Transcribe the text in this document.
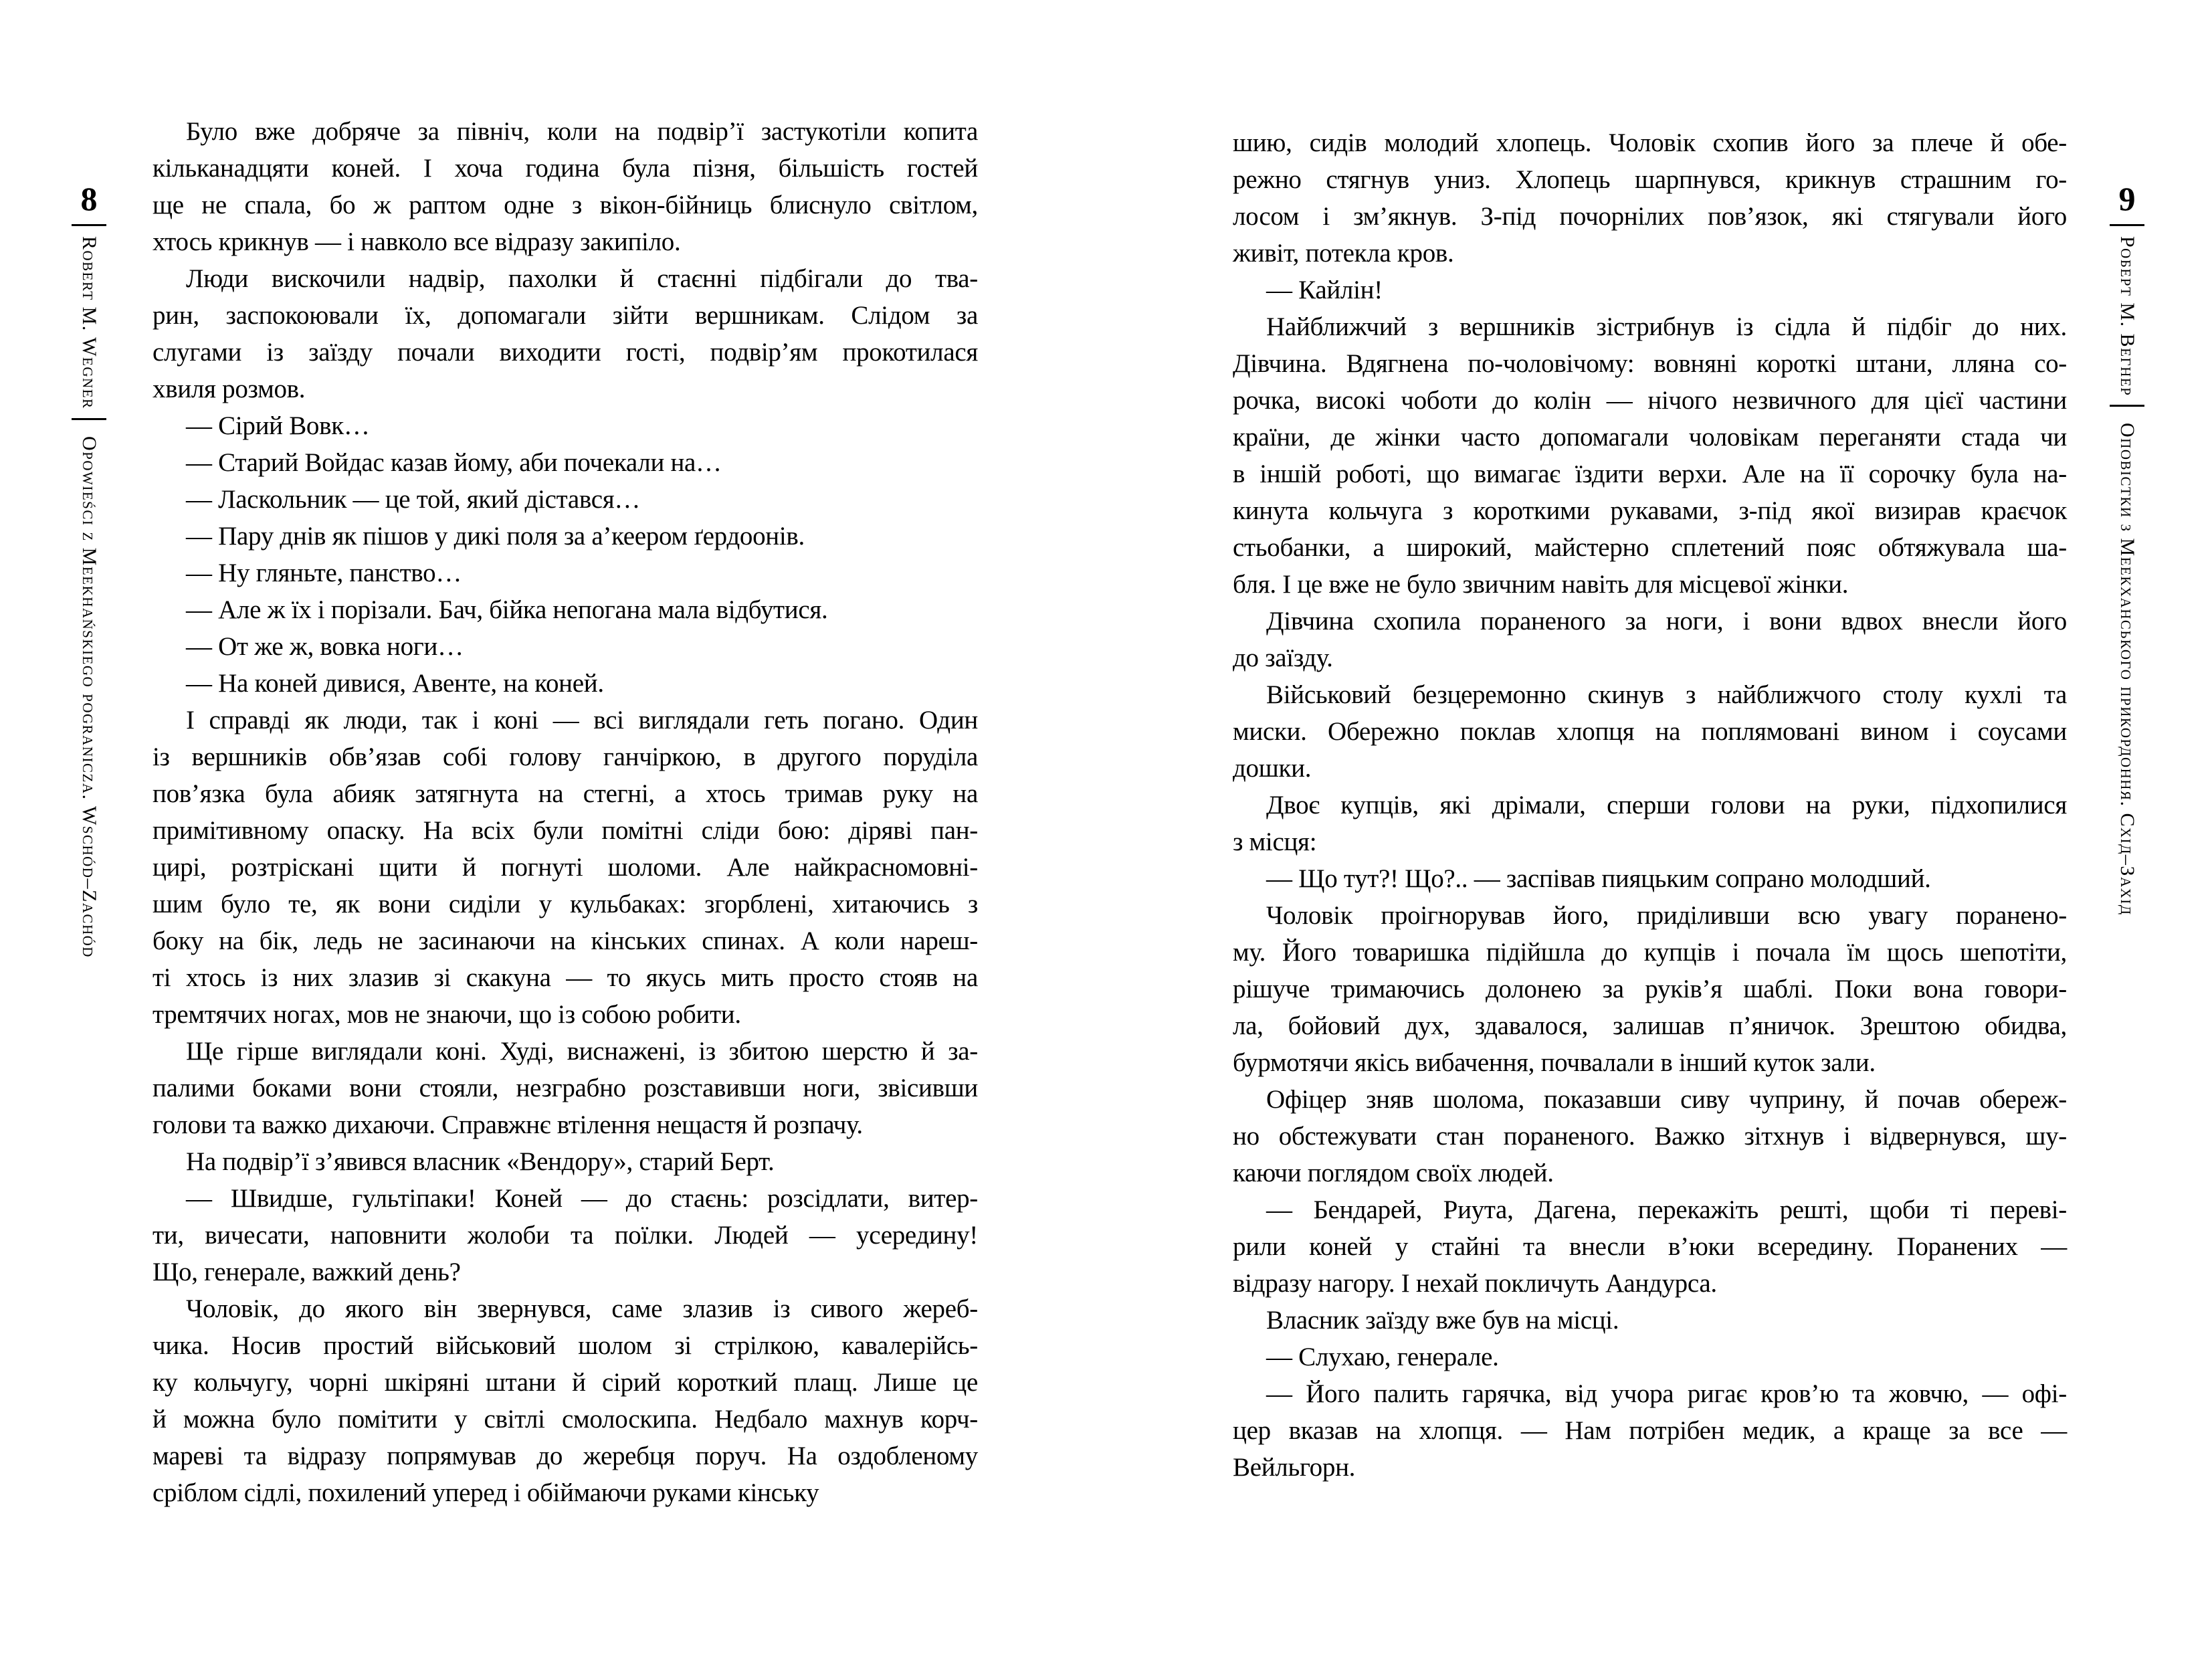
8
Robert M. Wegner
Opowieści z Meekhańskiego pogranicza. Wschód–Zachód
Було вже добряче за північ, коли на подвір’ї застукотіли копита
кільканадцяти коней. І хоча година була пізня, більшість гостей
ще не спала, бо ж раптом одне з вікон-бійниць блиснуло світлом,
хтось крикнув — і навколо все відразу закипіло.
Люди вискочили надвір, пахолки й стаєнні підбігали до тва-
рин, заспокоювали їх, допомагали зійти вершникам. Слідом за
слугами із заїзду почали виходити гості, подвір’ям прокотилася
хвиля розмов.
— Сірий Вовк…
— Старий Войдас казав йому, аби почекали на…
— Ласкольник — це той, який дістався…
— Пару днів як пішов у дикі поля за а’кеером ґердоонів.
— Ну гляньте, панство…
— Але ж їх і порізали. Бач, бійка непогана мала відбутися.
— От же ж, вовка ноги…
— На коней дивися, Авенте, на коней.
І справді як люди, так і коні — всі виглядали геть погано. Один
із вершників обв’язав собі голову ганчіркою, в другого поруділа
пов’язка була абияк затягнута на стегні, а хтось тримав руку на
примітивному опаску. На всіх були помітні сліди бою: діряві пан-
цирі, розтріскані щити й погнуті шоломи. Але найкрасномовні-
шим було те, як вони сиділи у кульбаках: згорблені, хитаючись з
боку на бік, ледь не засинаючи на кінських спинах. А коли нареш-
ті хтось із них злазив зі скакуна — то якусь мить просто стояв на
тремтячих ногах, мов не знаючи, що із собою робити.
Ще гірше виглядали коні. Худі, виснажені, із збитою шерстю й за-
палими боками вони стояли, незграбно розставивши ноги, звісивши
голови та важко дихаючи. Справжнє втілення нещастя й розпачу.
На подвір’ї з’явився власник «Вендору», старий Берт.
— Швидше, гультіпаки! Коней — до стаєнь: розсідлати, витер-
ти, вичесати, наповнити жолоби та поїлки. Людей — усередину!
Що, генерале, важкий день?
Чоловік, до якого він звернувся, саме злазив із сивого жереб-
чика. Носив простий військовий шолом зі стрілкою, кавалерійсь-
ку кольчугу, чорні шкіряні штани й сірий короткий плащ. Лише це
й можна було помітити у світлі смолоскипа. Недбало махнув корч-
мареві та відразу попрямував до жеребця поруч. На оздобленому
сріблом сідлі, похилений уперед і обіймаючи руками кінську
шию, сидів молодий хлопець. Чоловік схопив його за плече й обе-
режно стягнув униз. Хлопець шарпнувся, крикнув страшним го-
лосом і зм’якнув. З-під почорнілих пов’язок, які стягували його
живіт, потекла кров.
— Кайлін!
Найближчий з вершників зістрибнув із сідла й підбіг до них.
Дівчина. Вдягнена по-чоловічому: вовняні короткі штани, лляна со-
рочка, високі чоботи до колін — нічого незвичного для цієї частини
країни, де жінки часто допомагали чоловікам переганяти стада чи
в іншій роботі, що вимагає їздити верхи. Але на її сорочку була на-
кинута кольчуга з короткими рукавами, з-під якої визирав краєчок
стьобанки, а широкий, майстерно сплетений пояс обтяжувала ша-
бля. І це вже не було звичним навіть для місцевої жінки.
Дівчина схопила пораненого за ноги, і вони вдвох внесли його
до заїзду.
Військовий безцеремонно скинув з найближчого столу кухлі та
миски. Обережно поклав хлопця на поплямовані вином і соусами
дошки.
Двоє купців, які дрімали, сперши голови на руки, підхопилися
з місця:
— Що тут?! Що?.. — заспівав пияцьким сопрано молодший.
Чоловік проігнорував його, приділивши всю увагу поранено-
му. Його товаришка підійшла до купців і почала їм щось шепотіти,
рішуче тримаючись долонею за руків’я шаблі. Поки вона говори-
ла, бойовий дух, здавалося, залишав п’яничок. Зрештою обидва,
бурмотячи якісь вибачення, почвалали в інший куток зали.
Офіцер зняв шолома, показавши сиву чуприну, й почав обереж-
но обстежувати стан пораненого. Важко зітхнув і відвернувся, шу-
каючи поглядом своїх людей.
— Бендарей, Риута, Дагена, перекажіть решті, щоби ті переві-
рили коней у стайні та внесли в’юки всередину. Поранених —
відразу нагору. І нехай покличуть Аандурса.
Власник заїзду вже був на місці.
— Слухаю, генерале.
— Його палить гарячка, від учора ригає кров’ю та жовчю, — офі-
цер вказав на хлопця. — Нам потрібен медик, а краще за все —
Вейльгорн.
9
Роберт М. Вегнер
Оповістки з Меекханського прикордоння. Схід–Захід
